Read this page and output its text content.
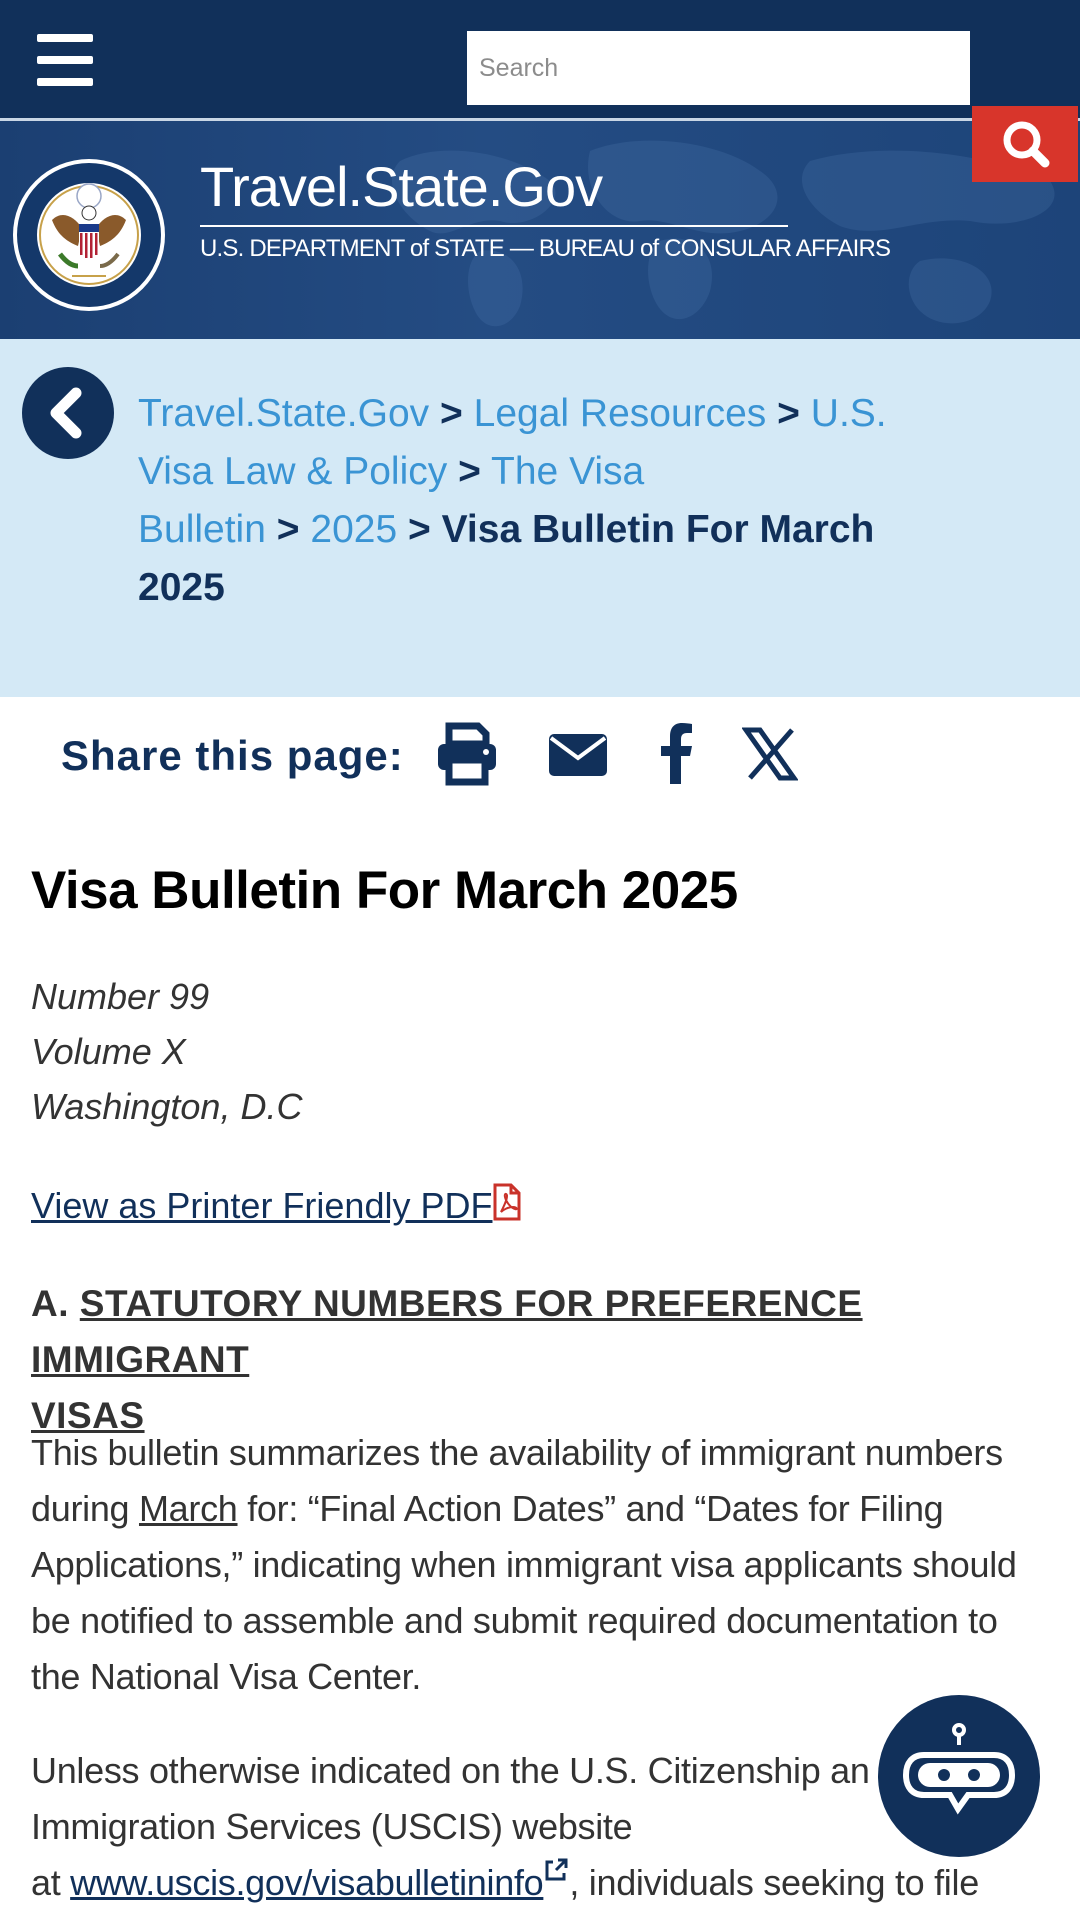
Search
Travel.State.Gov
U.S. DEPARTMENT of STATE — BUREAU of CONSULAR AFFAIRS
Travel.State.Gov > Legal Resources > U.S.
Visa Law & Policy > The Visa
Bulletin > 2025 > Visa Bulletin For March
2025
Share this page:
Visa Bulletin For March 2025
Number 99
Volume X
Washington, D.C
View as Printer Friendly PDF
A. STATUTORY NUMBERS FOR PREFERENCE IMMIGRANT
VISAS
This bulletin summarizes the availability of immigrant numbers
during March for: “Final Action Dates” and “Dates for Filing
Applications,” indicating when immigrant visa applicants should
be notified to assemble and submit required documentation to
the National Visa Center.
Unless otherwise indicated on the U.S. Citizenship an
Immigration Services (USCIS) website
at www.uscis.gov/visabulletininfo , individuals seeking to file
